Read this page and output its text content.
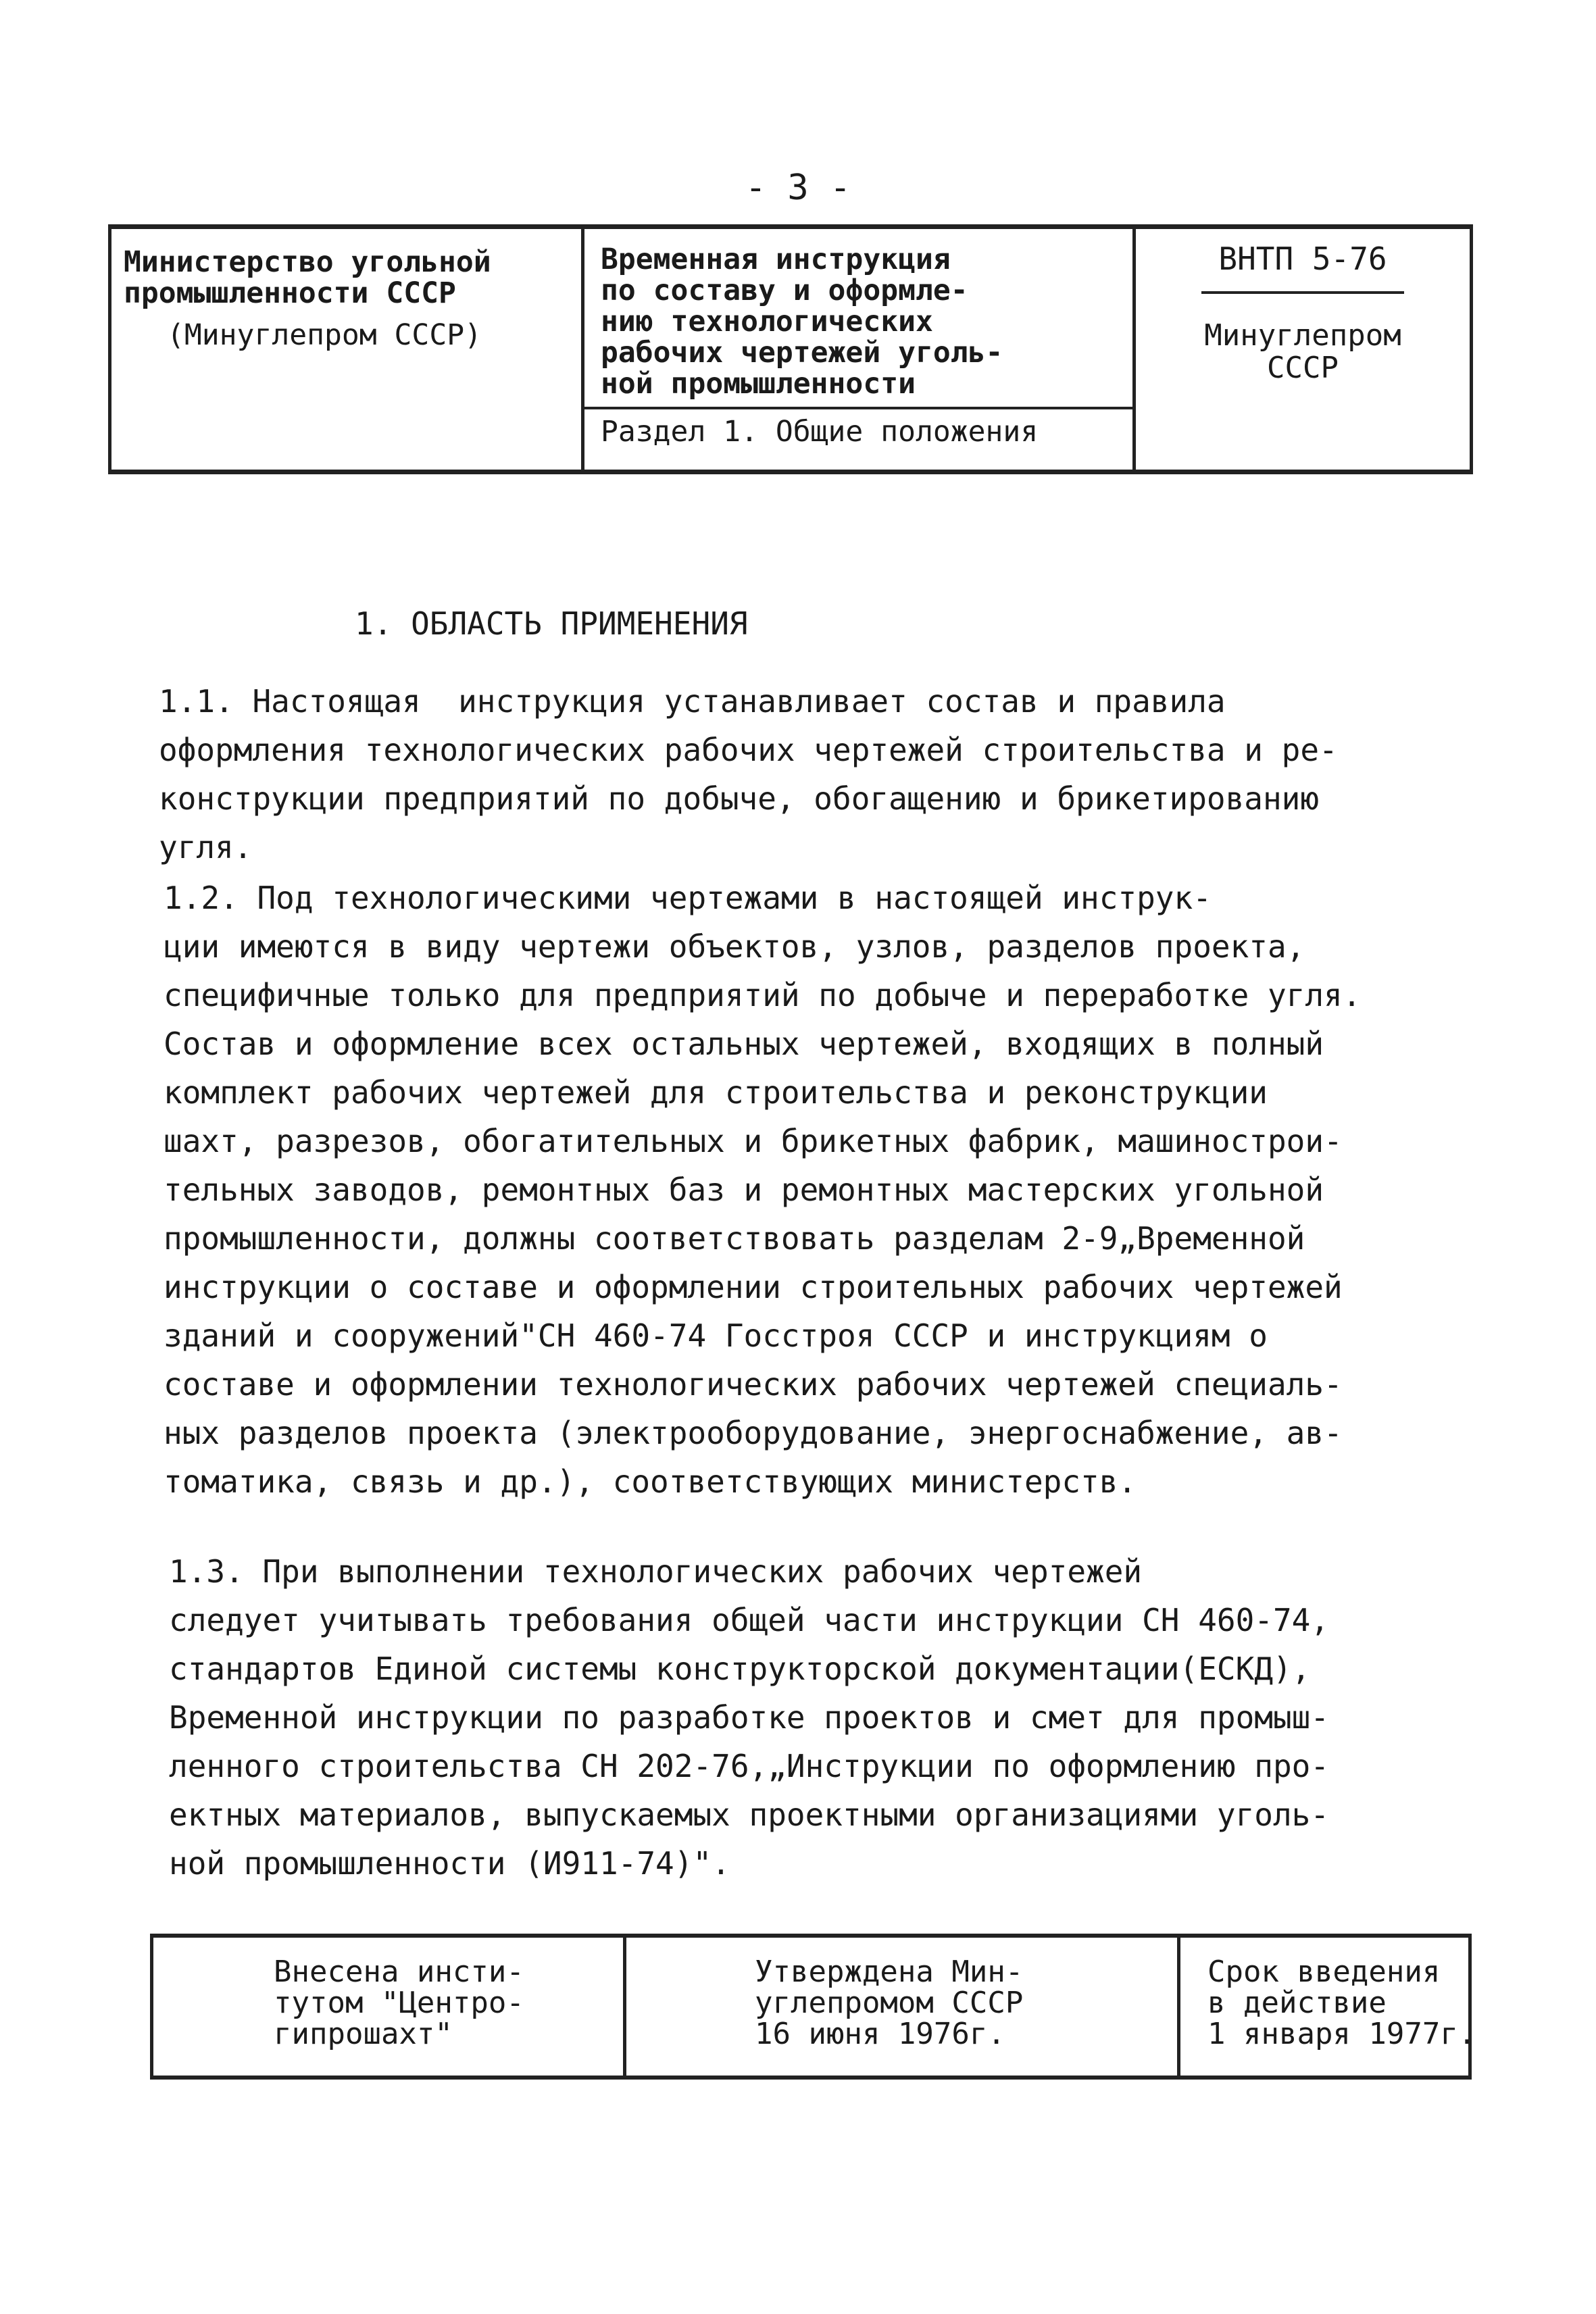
- 3 -

Министерство угольной
промышленности СССР
(Минуглепром СССР)

Временная инструкция

по составу и оформле-

нию технологических

рабочих чертежей уголь-

ной промышленности

Раздел 1. Общие положения

ВНТП 5-76

Минуглепром

СССР

1. ОБЛАСТЬ ПРИМЕНЕНИЯ

1.1. Настоящая  инструкция устанавливает состав и правила
оформления технологических рабочих чертежей строительства и ре-
конструкции предприятий по добыче, обогащению и брикетированию
угля.

1.2. Под технологическими чертежами в настоящей инструк-
ции имеются в виду чертежи объектов, узлов, разделов проекта,
специфичные только для предприятий по добыче и переработке угля.
Состав и оформление всех остальных чертежей, входящих в полный
комплект рабочих чертежей для строительства и реконструкции
шахт, разрезов, обогатительных и брикетных фабрик, машинострои-
тельных заводов, ремонтных баз и ремонтных мастерских угольной
промышленности, должны соответствовать разделам 2-9„Временной
инструкции о составе и оформлении строительных рабочих чертежей
зданий и сооружений"СН 460-74 Госстроя СССР и инструкциям о
составе и оформлении технологических рабочих чертежей специаль-
ных разделов проекта (электрооборудование, энергоснабжение, ав-
томатика, связь и др.), соответствующих министерств.

1.3. При выполнении технологических рабочих чертежей
следует учитывать требования общей части инструкции СН 460-74,
стандартов Единой системы конструкторской документации(ЕСКД),
Временной инструкции по разработке проектов и смет для промыш-
ленного строительства СН 202-76,„Инструкции по оформлению про-
ектных материалов, выпускаемых проектными организациями уголь-
ной промышленности (И911-74)".

Внесена инсти-
тутом "Центро-
гипрошахт"

Утверждена Мин-
углепромом СССР
16 июня 1976г.

Срок введения
в действие
1 января 1977г.
